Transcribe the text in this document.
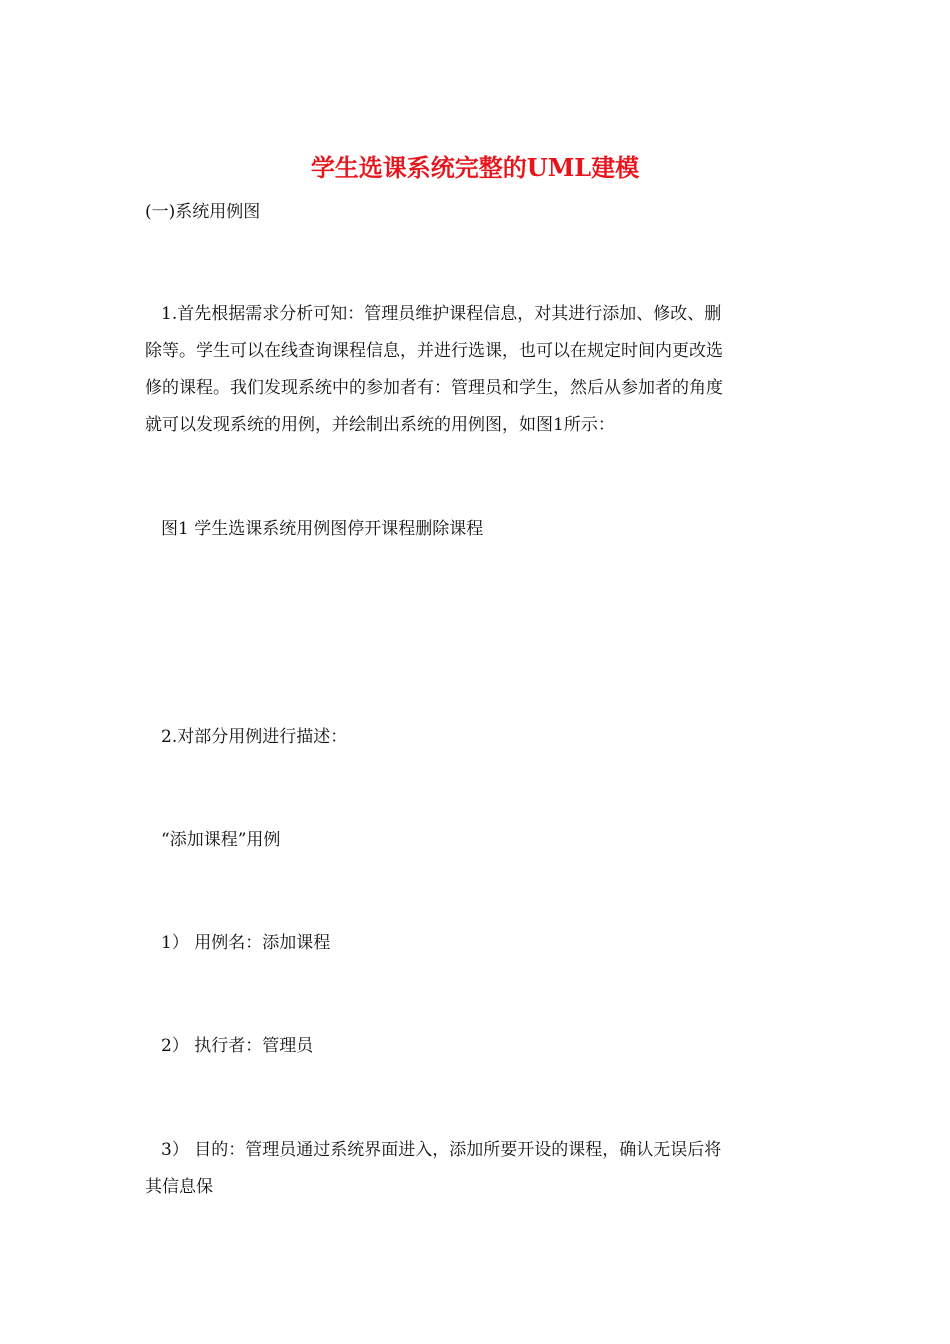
学生选课系统完整的UML建模
(一)系统用例图
1.首先根据需求分析可知：管理员维护课程信息，对其进行添加、修改、删
除等。学生可以在线查询课程信息，并进行选课，也可以在规定时间内更改选
修的课程。我们发现系统中的参加者有：管理员和学生，然后从参加者的角度
就可以发现系统的用例，并绘制出系统的用例图，如图1所示：
图1 学生选课系统用例图停开课程删除课程
2.对部分用例进行描述：
“添加课程”用例
1） 用例名：添加课程
2） 执行者：管理员
3） 目的：管理员通过系统界面进入，添加所要开设的课程，确认无误后将
其信息保
